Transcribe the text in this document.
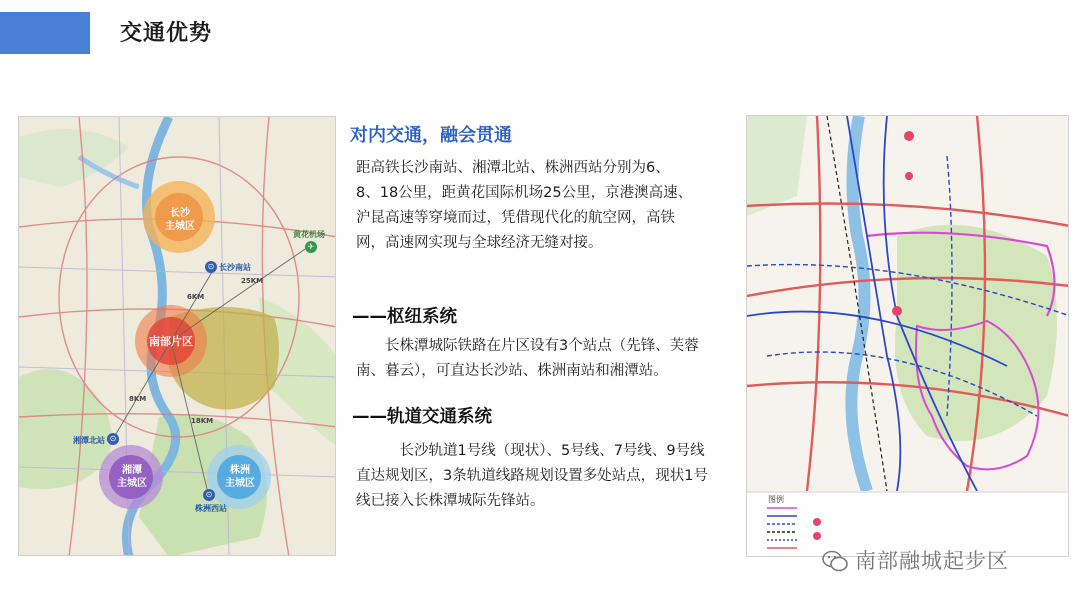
交通优势
长沙
主城区
南部片区
湘潭
主城区
株洲
主城区
✈
黄花机场
⊙ 长沙南站
⊙
湘潭北站
⊙
株洲西站
6KM
25KM
8KM
18KM
对内交通，融会贯通
距高铁长沙南站、湘潭北站、株洲西站分别为6、
8、18公里，距黄花国际机场25公里，京港澳高速、
沪昆高速等穿境而过，凭借现代化的航空网，高铁
网，高速网实现与全球经济无缝对接。
——枢纽系统
长株潭城际铁路在片区设有3个站点（先锋、芙蓉
南、暮云），可直达长沙站、株洲南站和湘潭站。
——轨道交通系统
长沙轨道1号线（现状）、5号线、7号线、9号线
直达规划区，3条轨道线路规划设置多处站点，现状1号
线已接入长株潭城际先锋站。	图例
南部融城起步区
